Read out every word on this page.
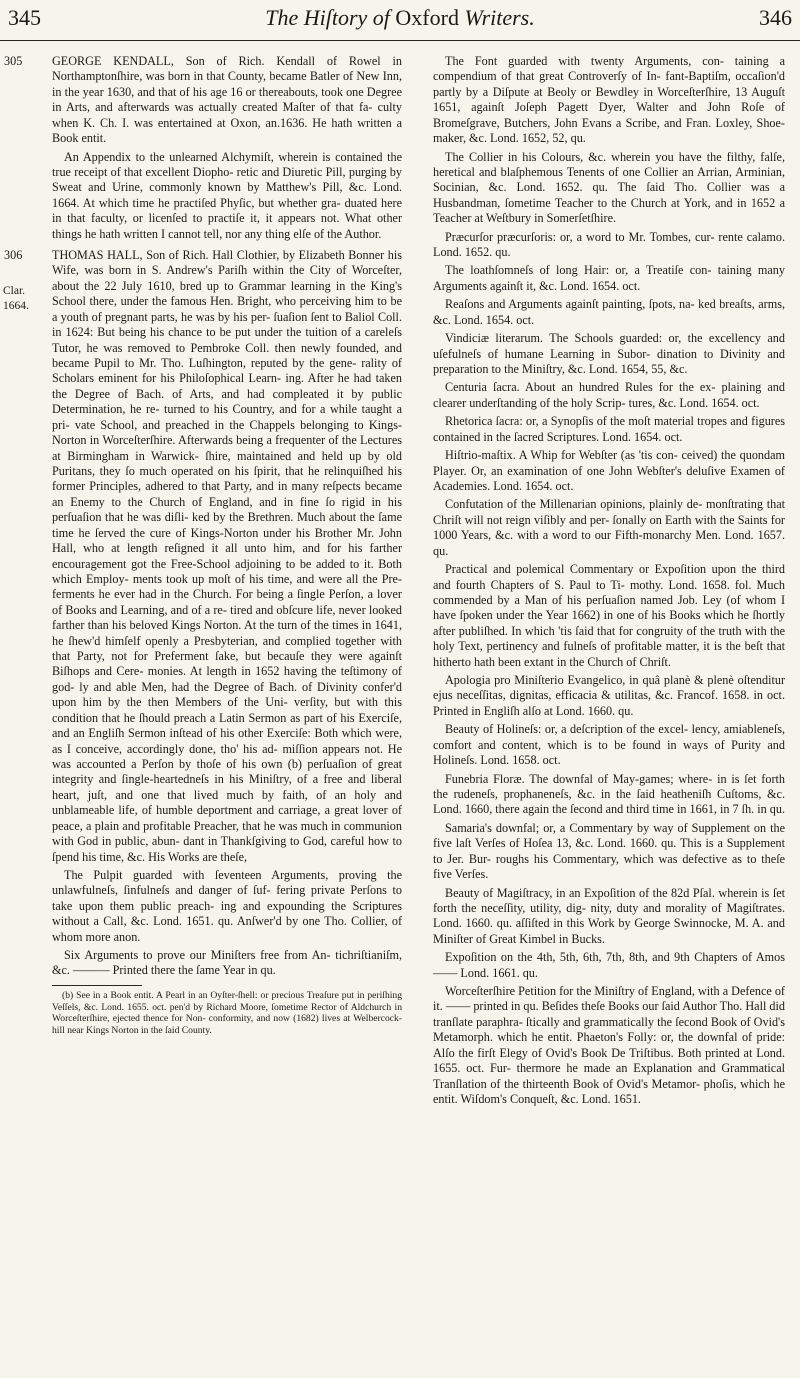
345	The Hiſtory of Oxford Writers.	346
Clar.
1664.
305 GEORGE KENDALL, Son of Rich. Kendall of Rowel in Northamptonſhire, was born in that County, became Batler of New Inn, in the year 1630, and that of his age 16 or thereabouts, took one Degree in Arts, and afterwards was actually created Maſter of that fa- culty when K. Ch. I. was entertained at Oxon, an.1636. He hath written a Book entit.

An Appendix to the unlearned Alchymiſt, wherein is contained the true receipt of that excellent Diopho- retic and Diuretic Pill, purging by Sweat and Urine, commonly known by Matthew's Pill, &c. Lond. 1664. At which time he practiſed Phyſic, but whether gra- duated here in that faculty, or licenſed to practiſe it, it appears not. What other things he hath written I cannot tell, nor any thing elſe of the Author.

306 THOMAS HALL, Son of Rich. Hall Clothier, by Elizabeth Bonner his Wife, was born in S. Andrew's Pariſh within the City of Worceſter, about the 22 July 1610, bred up to Grammar learning in the King's School there, under the famous Hen. Bright, who perceiving him to be a youth of pregnant parts, he was by his per- ſuaſion ſent to Baliol Coll. in 1624: But being his chance to be put under the tuition of a careleſs Tutor, he was removed to Pembroke Coll. then newly founded, and became Pupil to Mr. Tho. Luſhington, reputed by the gene- rality of Scholars eminent for his Philoſophical Learn- ing. After he had taken the Degree of Bach. of Arts, and had compleated it by public Determination, he re- turned to his Country, and for a while taught a pri- vate School, and preached in the Chappels belonging to Kings-Norton in Worceſterſhire. Afterwards being a frequenter of the Lectures at Birmingham in Warwick- ſhire, maintained and held up by old Puritans, they ſo much operated on his ſpirit, that he relinquiſhed his former Principles, adhered to that Party, and in many reſpects became an Enemy to the Church of England, and in fine ſo rigid in his perſuaſion that he was diſli- ked by the Brethren. Much about the ſame time he ſerved the cure of Kings-Norton under his Brother Mr. John Hall, who at length reſigned it all unto him, and for his farther encouragement got the Free-School adjoining to be added to it. Both which Employ- ments took up moſt of his time, and were all the Pre- ferments he ever had in the Church. For being a ſingle Perſon, a lover of Books and Learning, and of a re- tired and obſcure life, never looked farther than his beloved Kings Norton. At the turn of the times in 1641, he ſhew'd himſelf openly a Presbyterian, and complied together with that Party, not for Preferment ſake, but becauſe they were againſt Biſhops and Cere- monies. At length in 1652 having the teſtimony of god- ly and able Men, had the Degree of Bach. of Divinity confer'd upon him by the then Members of the Uni- verſity, but with this condition that he ſhould preach a Latin Sermon as part of his Exerciſe, and an Engliſh Sermon inſtead of his other Exerciſe: Both which were, as I conceive, accordingly done, tho' his ad- miſſion appears not. He was accounted a Perſon by thoſe of his own (b) perſuaſion of great integrity and ſingle-heartedneſs in his Miniſtry, of a free and liberal heart, juſt, and one that lived much by faith, of an holy and unblameable life, of humble deportment and carriage, a great lover of peace, a plain and profitable Preacher, that he was much in communion with God in public, abun- dant in Thankſgiving to God, careful how to ſpend his time, &c. His Works are theſe,

The Pulpit guarded with ſeventeen Arguments, proving the unlawfulneſs, ſinfulneſs and danger of ſuf- fering private Perſons to take upon them public preach- ing and expounding the Scriptures without a Call, &c. Lond. 1651. qu. Anſwer'd by one Tho. Collier, of whom more anon.

Six Arguments to prove our Miniſters free from An- tichriſtianiſm, &c. ——— Printed there the ſame Year in qu.

(b) See in a Book entit. A Pearl in an Oyſter-ſhell: or precious Treaſure put in periſhing Veſſels, &c. Lond. 1655. oct. pen'd by Richard Moore, ſometime Rector of Aldchurch in Worceſterſhire, ejected thence for Non- conformity, and now (1682) lives at Welbercock-hill near Kings Norton in the ſaid County.

The Font guarded with twenty Arguments, con- taining a compendium of that great Controverſy of In- fant-Baptiſm, occaſion'd partly by a Diſpute at Beoly or Bewdley in Worceſterſhire, 13 Auguſt 1651, againſt Joſeph Pagett Dyer, Walter and John Roſe of Bromeſgrave, Butchers, John Evans a Scribe, and Fran. Loxley, Shoe- maker, &c. Lond. 1652, 52, qu.

The Collier in his Colours, &c. wherein you have the filthy, falſe, heretical and blaſphemous Tenents of one Collier an Arrian, Arminian, Socinian, &c. Lond. 1652. qu. The ſaid Tho. Collier was a Husbandman, ſometime Teacher to the Church at York, and in 1652 a Teacher at Weſtbury in Somerſetſhire.

Præcurſor præcurſoris: or, a word to Mr. Tombes, cur- rente calamo. Lond. 1652. qu.

The loathſomneſs of long Hair: or, a Treatiſe con- taining many Arguments againſt it, &c. Lond. 1654. oct.

Reaſons and Arguments againſt painting, ſpots, na- ked breaſts, arms, &c. Lond. 1654. oct.

Vindiciæ literarum. The Schools guarded: or, the excellency and uſefulneſs of humane Learning in Subor- dination to Divinity and preparation to the Miniſtry, &c. Lond. 1654, 55, &c.

Centuria ſacra. About an hundred Rules for the ex- plaining and clearer underſtanding of the holy Scrip- tures, &c. Lond. 1654. oct.

Rhetorica ſacra: or, a Synopſis of the moſt material tropes and figures contained in the ſacred Scriptures. Lond. 1654. oct.

Hiſtrio-maſtix. A Whip for Webſter (as 'tis con- ceived) the quondam Player. Or, an examination of one John Webſter's deluſive Examen of Academies. Lond. 1654. oct.

Confutation of the Millenarian opinions, plainly de- monſtrating that Chriſt will not reign viſibly and per- ſonally on Earth with the Saints for 1000 Years, &c. with a word to our Fifth-monarchy Men. Lond. 1657. qu.

Practical and polemical Commentary or Expoſition upon the third and fourth Chapters of S. Paul to Ti- mothy. Lond. 1658. fol. Much commended by a Man of his perſuaſion named Job. Ley (of whom I have ſpoken under the Year 1662) in one of his Books which he ſhortly after publiſhed. In which 'tis ſaid that for congruity of the truth with the holy Text, pertinency and fulneſs of profitable matter, it is the beſt that hitherto hath been extant in the Church of Chriſt.

Apologia pro Miniſterio Evangelico, in quâ planè & plenè oſtenditur ejus neceſſitas, dignitas, efficacia & utilitas, &c. Francof. 1658. in oct. Printed in Engliſh alſo at Lond. 1660. qu.

Beauty of Holineſs: or, a deſcription of the excel- lency, amiableneſs, comfort and content, which is to be found in ways of Purity and Holineſs. Lond. 1658. oct.

Funebria Floræ. The downfal of May-games; where- in is ſet forth the rudeneſs, prophaneneſs, &c. in the ſaid heatheniſh Cuſtoms, &c. Lond. 1660, there again the ſecond and third time in 1661, in 7 ſh. in qu.

Samaria's downfal; or, a Commentary by way of Supplement on the five laſt Verſes of Hoſea 13, &c. Lond. 1660. qu. This is a Supplement to Jer. Bur- roughs his Commentary, which was defective as to theſe five Verſes.

Beauty of Magiſtracy, in an Expoſition of the 82d Pſal. wherein is ſet forth the neceſſity, utility, dig- nity, duty and morality of Magiſtrates. Lond. 1660. qu. aſſiſted in this Work by George Swinnocke, M. A. and Miniſter of Great Kimbel in Bucks.

Expoſition on the 4th, 5th, 6th, 7th, 8th, and 9th Chapters of Amos —— Lond. 1661. qu.

Worceſterſhire Petition for the Miniſtry of England, with a Defence of it. —— printed in qu. Beſides theſe Books our ſaid Author Tho. Hall did tranſlate paraphra- ſtically and grammatically the ſecond Book of Ovid's Metamorph. which he entit. Phaeton's Folly: or, the downfal of pride: Alſo the firſt Elegy of Ovid's Book De Triſtibus. Both printed at Lond. 1655. oct. Fur- thermore he made an Explanation and Grammatical Tranſlation of the thirteenth Book of Ovid's Metamor- phoſis, which he entit. Wiſdom's Conqueſt, &c. Lond. 1651.
